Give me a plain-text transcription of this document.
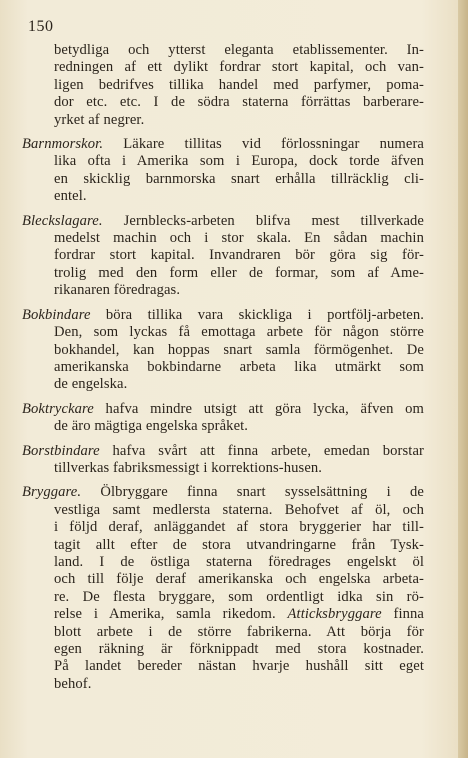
150
betydliga och ytterst eleganta etablissementer. In-
redningen af ett dylikt fordrar stort kapital, och van-
ligen bedrifves tillika handel med parfymer, poma-
dor etc. etc. I de södra staterna förrättas barberare-
yrket af negrer.
Barnmorskor. Läkare tillitas vid förlossningar numera
lika ofta i Amerika som i Europa, dock torde äfven
en skicklig barnmorska snart erhålla tillräcklig cli-
entel.
Bleckslagare. Jernblecks-arbeten blifva mest tillverkade
medelst machin och i stor skala. En sådan machin
fordrar stort kapital. Invandraren bör göra sig för-
trolig med den form eller de formar, som af Ame-
rikanaren föredragas.
Bokbindare böra tillika vara skickliga i portfölj-arbeten.
Den, som lyckas få emottaga arbete för någon större
bokhandel, kan hoppas snart samla förmögenhet. De
amerikanska bokbindarne arbeta lika utmärkt som
de engelska.
Boktryckare hafva mindre utsigt att göra lycka, äfven om
de äro mägtiga engelska språket.
Borstbindare hafva svårt att finna arbete, emedan borstar
tillverkas fabriksmessigt i korrektions-husen.
Bryggare. Ölbryggare finna snart sysselsättning i de
vestliga samt medlersta staterna. Behofvet af öl, och
i följd deraf, anläggandet af stora bryggerier har till-
tagit allt efter de stora utvandringarne från Tysk-
land. I de östliga staterna föredrages engelskt öl
och till följe deraf amerikanska och engelska arbeta-
re. De flesta bryggare, som ordentligt idka sin rö-
relse i Amerika, samla rikedom. Atticksbryggare finna
blott arbete i de större fabrikerna. Att börja för
egen räkning är förknippadt med stora kostnader.
På landet bereder nästan hvarje hushåll sitt eget
behof.
